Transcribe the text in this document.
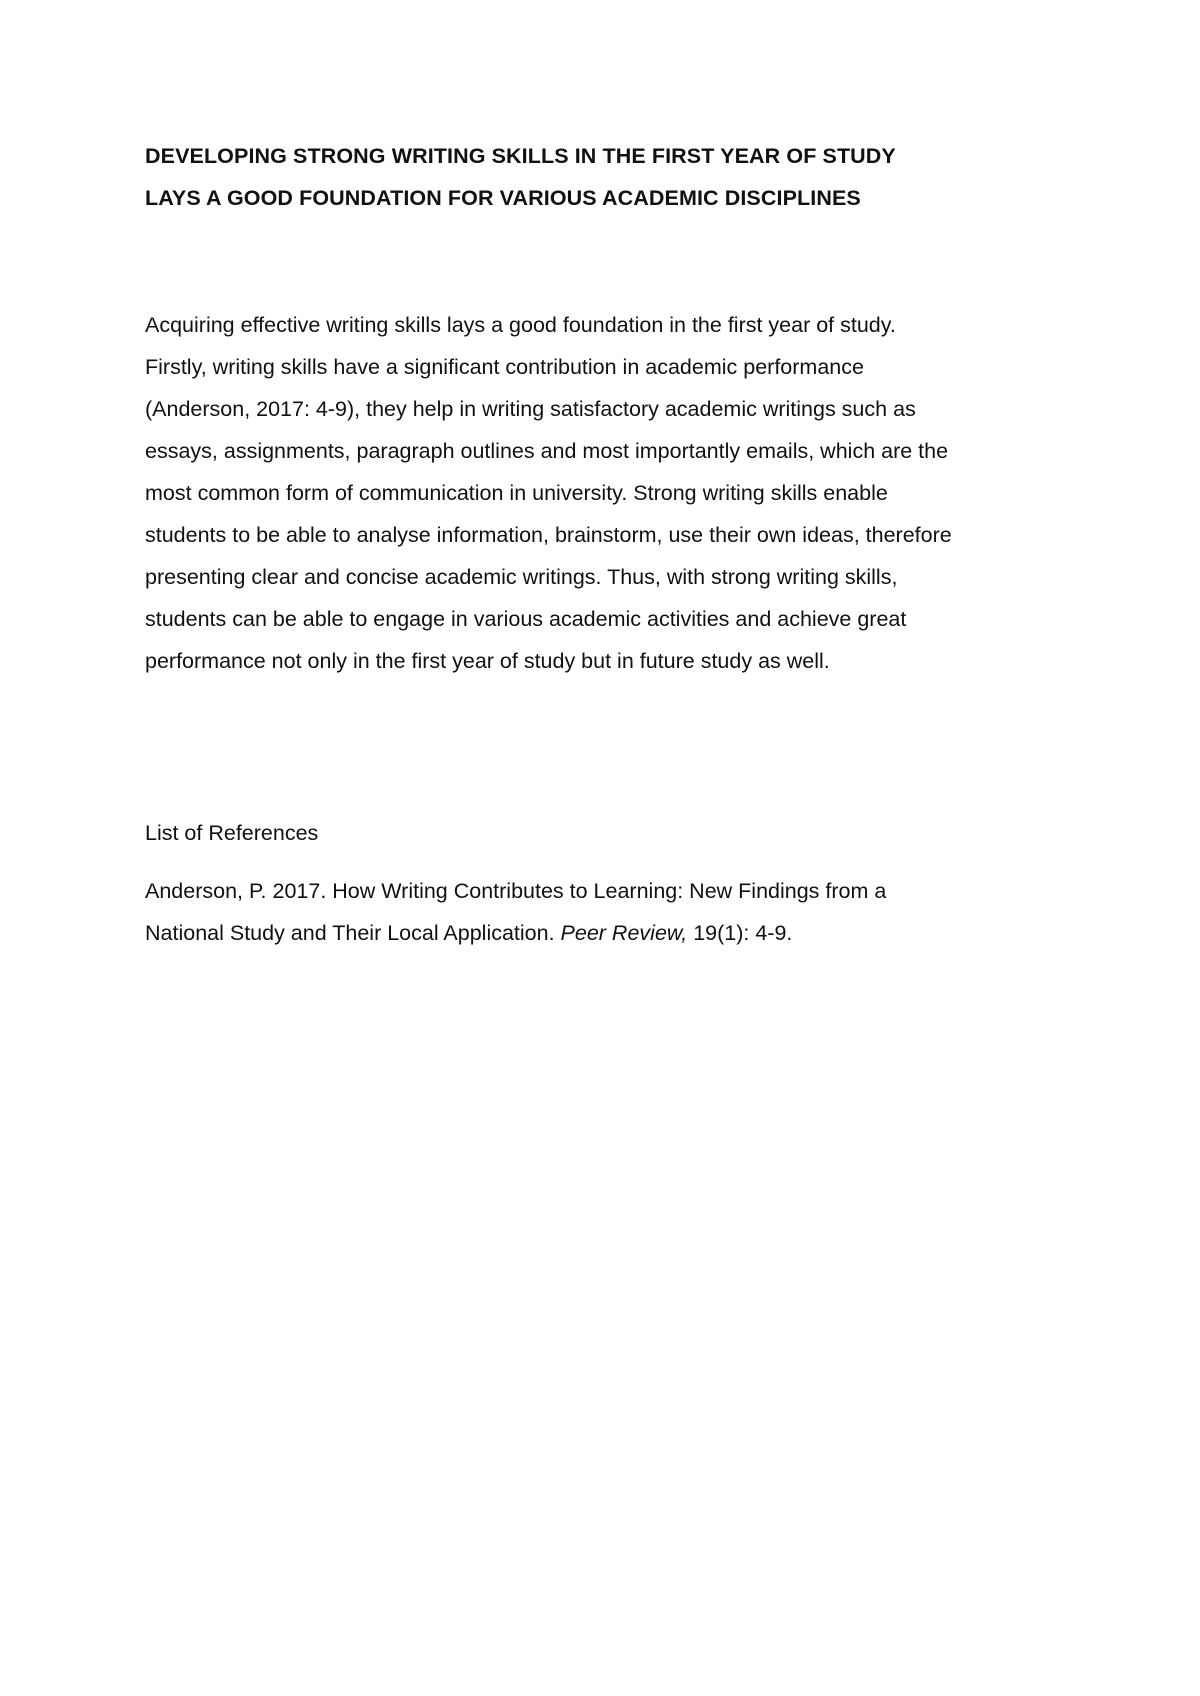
DEVELOPING STRONG WRITING SKILLS IN THE FIRST YEAR OF STUDY
LAYS A GOOD FOUNDATION FOR VARIOUS ACADEMIC DISCIPLINES

Acquiring effective writing skills lays a good foundation in the first year of study.
Firstly, writing skills have a significant contribution in academic performance
(Anderson, 2017: 4-9), they help in writing satisfactory academic writings such as
essays, assignments, paragraph outlines and most importantly emails, which are the
most common form of communication in university. Strong writing skills enable
students to be able to analyse information, brainstorm, use their own ideas, therefore
presenting clear and concise academic writings. Thus, with strong writing skills,
students can be able to engage in various academic activities and achieve great
performance not only in the first year of study but in future study as well.

List of References

Anderson, P. 2017. How Writing Contributes to Learning: New Findings from a
National Study and Their Local Application. Peer Review, 19(1): 4-9.
